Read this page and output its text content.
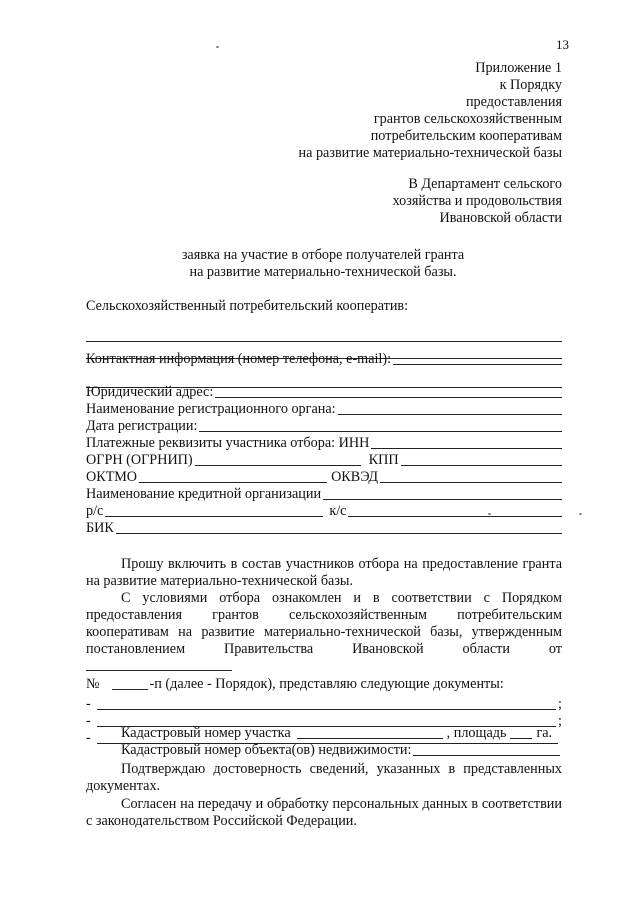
13
Приложение 1
к Порядку
предоставления
грантов сельскохозяйственным
потребительским кооперативам
на развитие материально-технической базы
В Департамент сельского
хозяйства и продовольствия
Ивановской области
заявка на участие в отборе получателей гранта
на развитие материально-технической базы.
Сельскохозяйственный потребительский кооператив:
Контактная информация (номер телефона, e-mail):
Юридический адрес:
Наименование регистрационного органа:
Дата регистрации:
Платежные реквизиты участника отбора: ИНН
ОГРН (ОГРНИП)	КПП
ОКТМО	ОКВЭД
Наименование кредитной организации
р/с	к/с
БИК

Прошу включить в состав участников отбора на предоставление гранта на развитие материально-технической базы.

С условиями отбора ознакомлен и в соответствии с Порядком предоставления грантов сельскохозяйственным потребительским кооперативам на развитие материально-технической базы, утвержденным постановлением Правительства Ивановской области от

№	-п (далее - Порядок), представляю следующие документы:
-	;
-	;
- Кадастровый номер участка	, площадь га.
Кадастровый номер объекта(ов) недвижимости:

Подтверждаю достоверность сведений, указанных в представленных документах.

Согласен на передачу и обработку персональных данных в соответствии с законодательством Российской Федерации.
